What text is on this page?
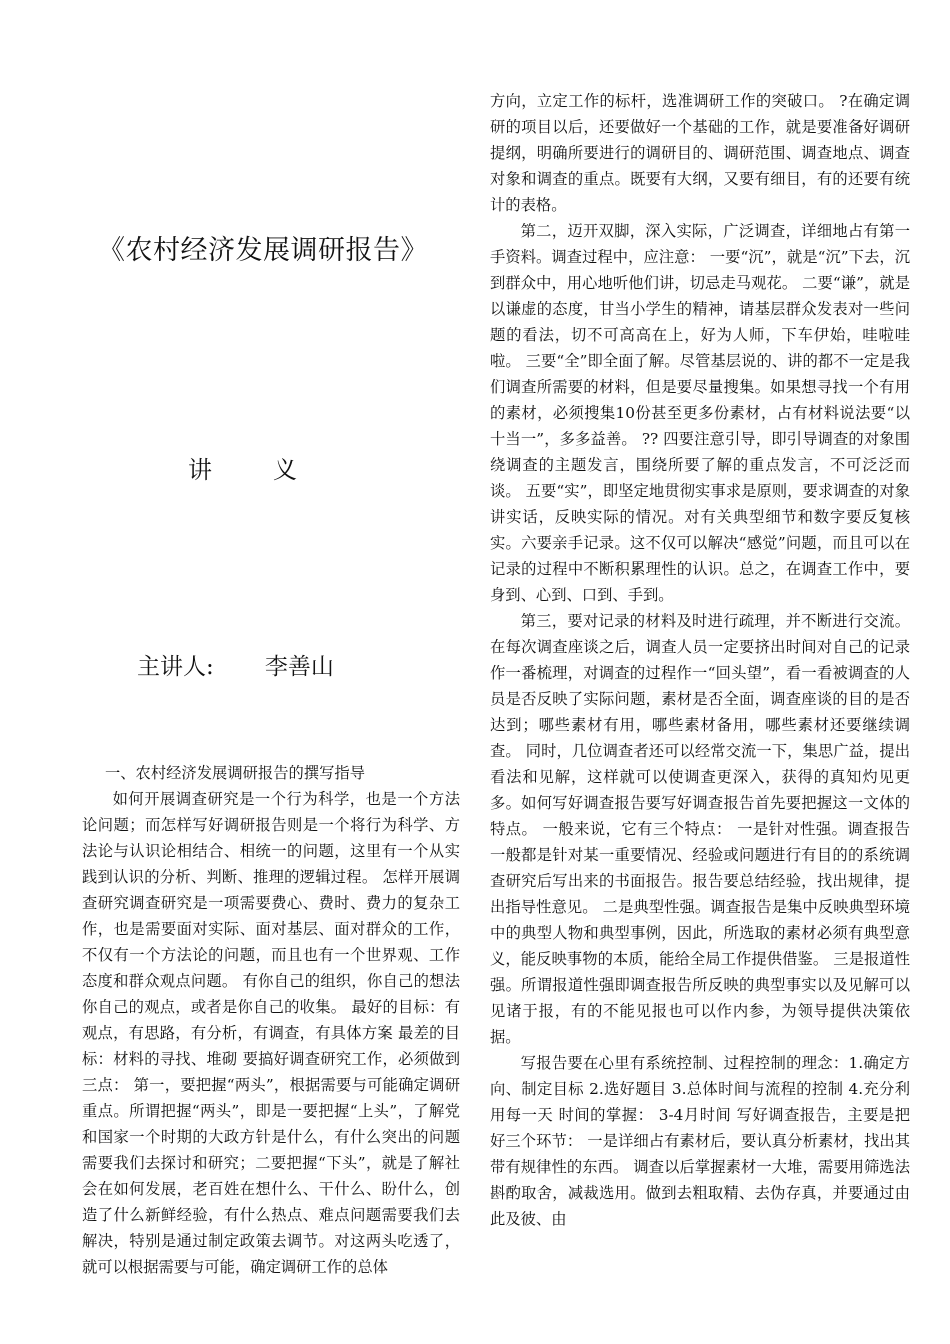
《农村经济发展调研报告》
讲        义
主讲人:       李善山

一、农村经济发展调研报告的撰写指导

如何开展调查研究是一个行为科学，也是一个方法论问题；而怎样写好调研报告则是一个将行为科学、方法论与认识论相结合、相统一的问题，这里有一个从实践到认识的分析、判断、推理的逻辑过程。 怎样开展调查研究调查研究是一项需要费心、费时、费力的复杂工作，也是需要面对实际、面对基层、面对群众的工作，不仅有一个方法论的问题，而且也有一个世界观、工作态度和群众观点问题。 有你自己的组织，你自己的想法你自己的观点，或者是你自己的收集。 最好的目标：有观点，有思路，有分析，有调查，有具体方案 最差的目标：材料的寻找、堆砌 要搞好调查研究工作，必须做到三点： 第一，要把握“两头”，根据需要与可能确定调研重点。所谓把握“两头”，即是一要把握“上头”，了解党和国家一个时期的大政方针是什么，有什么突出的问题需要我们去探讨和研究；二要把握“下头”，就是了解社会在如何发展，老百姓在想什么、干什么、盼什么，创造了什么新鲜经验，有什么热点、难点问题需要我们去解决，特别是通过制定政策去调节。对这两头吃透了，就可以根据需要与可能，确定调研工作的总体

方向，立定工作的标杆，选准调研工作的突破口。 ?在确定调研的项目以后，还要做好一个基础的工作，就是要准备好调研提纲，明确所要进行的调研目的、调研范围、调查地点、调查对象和调查的重点。既要有大纲，又要有细目，有的还要有统计的表格。

第二，迈开双脚，深入实际，广泛调查，详细地占有第一手资料。调查过程中，应注意： 一要“沉”，就是“沉”下去，沉到群众中，用心地听他们讲，切忌走马观花。 二要“谦”，就是以谦虚的态度，甘当小学生的精神，请基层群众发表对一些问题的看法，切不可高高在上，好为人师，下车伊始，哇啦哇啦。 三要“全”即全面了解。尽管基层说的、讲的都不一定是我们调查所需要的材料，但是要尽量搜集。如果想寻找一个有用的素材，必须搜集10份甚至更多份素材，占有材料说法要“以十当一”，多多益善。 ?? 四要注意引导，即引导调查的对象围绕调查的主题发言，围绕所要了解的重点发言，不可泛泛而谈。 五要“实”，即坚定地贯彻实事求是原则，要求调查的对象讲实话，反映实际的情况。对有关典型细节和数字要反复核实。六要亲手记录。这不仅可以解决“感觉”问题，而且可以在记录的过程中不断积累理性的认识。总之，在调查工作中，要身到、心到、口到、手到。

第三，要对记录的材料及时进行疏理，并不断进行交流。在每次调查座谈之后，调查人员一定要挤出时间对自己的记录作一番梳理，对调查的过程作一“回头望”，看一看被调查的人员是否反映了实际问题，素材是否全面，调查座谈的目的是否达到；哪些素材有用，哪些素材备用，哪些素材还要继续调查。 同时，几位调查者还可以经常交流一下，集思广益，提出看法和见解，这样就可以使调查更深入，获得的真知灼见更多。如何写好调查报告要写好调查报告首先要把握这一文体的特点。 一般来说，它有三个特点： 一是针对性强。调查报告一般都是针对某一重要情况、经验或问题进行有目的的系统调查研究后写出来的书面报告。报告要总结经验，找出规律，提出指导性意见。 二是典型性强。调查报告是集中反映典型环境中的典型人物和典型事例，因此，所选取的素材必须有典型意义，能反映事物的本质，能给全局工作提供借鉴。 三是报道性强。所谓报道性强即调查报告所反映的典型事实以及见解可以见诸于报，有的不能见报也可以作内参，为领导提供决策依据。

写报告要在心里有系统控制、过程控制的理念：1.确定方向、制定目标 2.选好题目 3.总体时间与流程的控制 4.充分利用每一天 时间的掌握： 3-4月时间 写好调查报告，主要是把好三个环节： 一是详细占有素材后，要认真分析素材，找出其带有规律性的东西。 调查以后掌握素材一大堆，需要用筛选法斟酌取舍，减裁选用。做到去粗取精、去伪存真，并要通过由此及彼、由
